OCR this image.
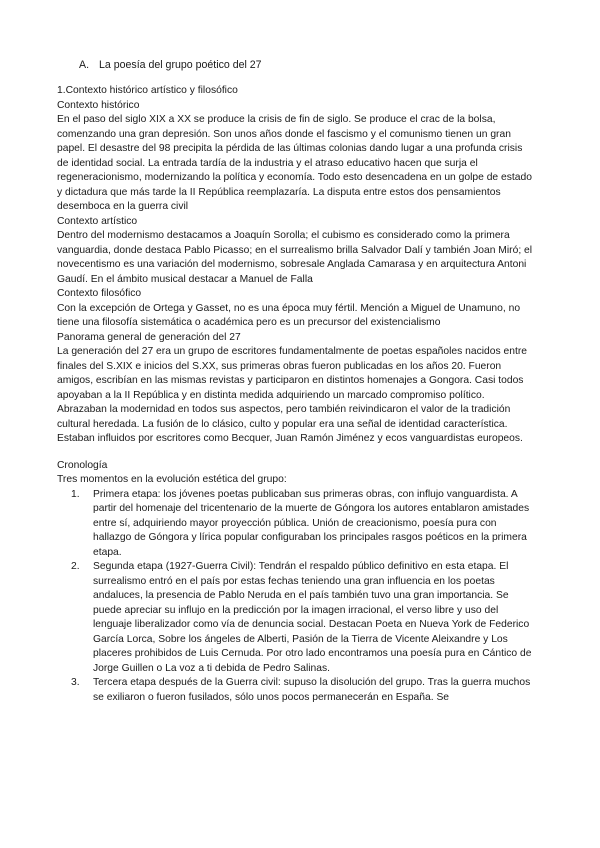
A. La poesía del grupo poético del 27

1.Contexto histórico artístico y filosófico

Contexto histórico

En el paso del siglo XIX a XX se produce la crisis de fin de siglo. Se produce el crac de la bolsa, comenzando una gran depresión. Son unos años donde el fascismo y el comunismo tienen un gran papel. El desastre del 98 precipita la pérdida de las últimas colonias dando lugar a una profunda crisis de identidad social. La entrada tardía de la industria y el atraso educativo hacen que surja el regeneracionismo, modernizando la política y economía. Todo esto desencadena en un golpe de estado y dictadura que más tarde la II República reemplazaría. La disputa entre estos dos pensamientos desemboca en la guerra civil

Contexto artístico

Dentro del modernismo destacamos a Joaquín Sorolla; el cubismo es considerado como la primera vanguardia, donde destaca Pablo Picasso; en el surrealismo brilla Salvador Dalí y también Joan Miró; el novecentismo es una variación del modernismo, sobresale Anglada Camarasa y en arquitectura Antoni Gaudí. En el ámbito musical destacar a Manuel de Falla

Contexto filosófico

Con la excepción de Ortega y Gasset, no es una época muy fértil. Mención a Miguel de Unamuno, no tiene una filosofía sistemática o académica pero es un precursor del existencialismo

Panorama general de generación del 27

La generación del 27 era un grupo de escritores fundamentalmente de poetas españoles nacidos entre finales del S.XIX e inicios del S.XX, sus primeras obras fueron publicadas en los años 20. Fueron amigos, escribían en las mismas revistas y participaron en distintos homenajes a Gongora. Casi todos apoyaban a la II República y en distinta medida adquiriendo un marcado compromiso político.

Abrazaban la modernidad en todos sus aspectos, pero también reivindicaron el valor de la tradición cultural heredada. La fusión de lo clásico, culto y popular era una señal de identidad característica. Estaban influidos por escritores como Becquer, Juan Ramón Jiménez y ecos vanguardistas europeos.

Cronología

Tres momentos en la evolución estética del grupo:

1. Primera etapa: los jóvenes poetas publicaban sus primeras obras, con influjo vanguardista. A partir del homenaje del tricentenario de la muerte de Góngora los autores entablaron amistades entre sí, adquiriendo mayor proyección pública. Unión de creacionismo, poesía pura con hallazgo de Góngora y lírica popular configuraban los principales rasgos poéticos en la primera etapa.
2. Segunda etapa (1927-Guerra Civil): Tendrán el respaldo público definitivo en esta etapa. El surrealismo entró en el país por estas fechas teniendo una gran influencia en los poetas andaluces, la presencia de Pablo Neruda en el país también tuvo una gran importancia. Se puede apreciar su influjo en la predicción por la imagen irracional, el verso libre y uso del lenguaje liberalizador como vía de denuncia social. Destacan Poeta en Nueva York de Federico García Lorca, Sobre los ángeles de Alberti, Pasión de la Tierra de Vicente Aleixandre y Los placeres prohibidos de Luis Cernuda. Por otro lado encontramos una poesía pura en Cántico de Jorge Guillen o La voz a ti debida de Pedro Salinas.
3. Tercera etapa después de la Guerra civil: supuso la disolución del grupo. Tras la guerra muchos se exiliaron o fueron fusilados, sólo unos pocos permanecerán en España. Se
